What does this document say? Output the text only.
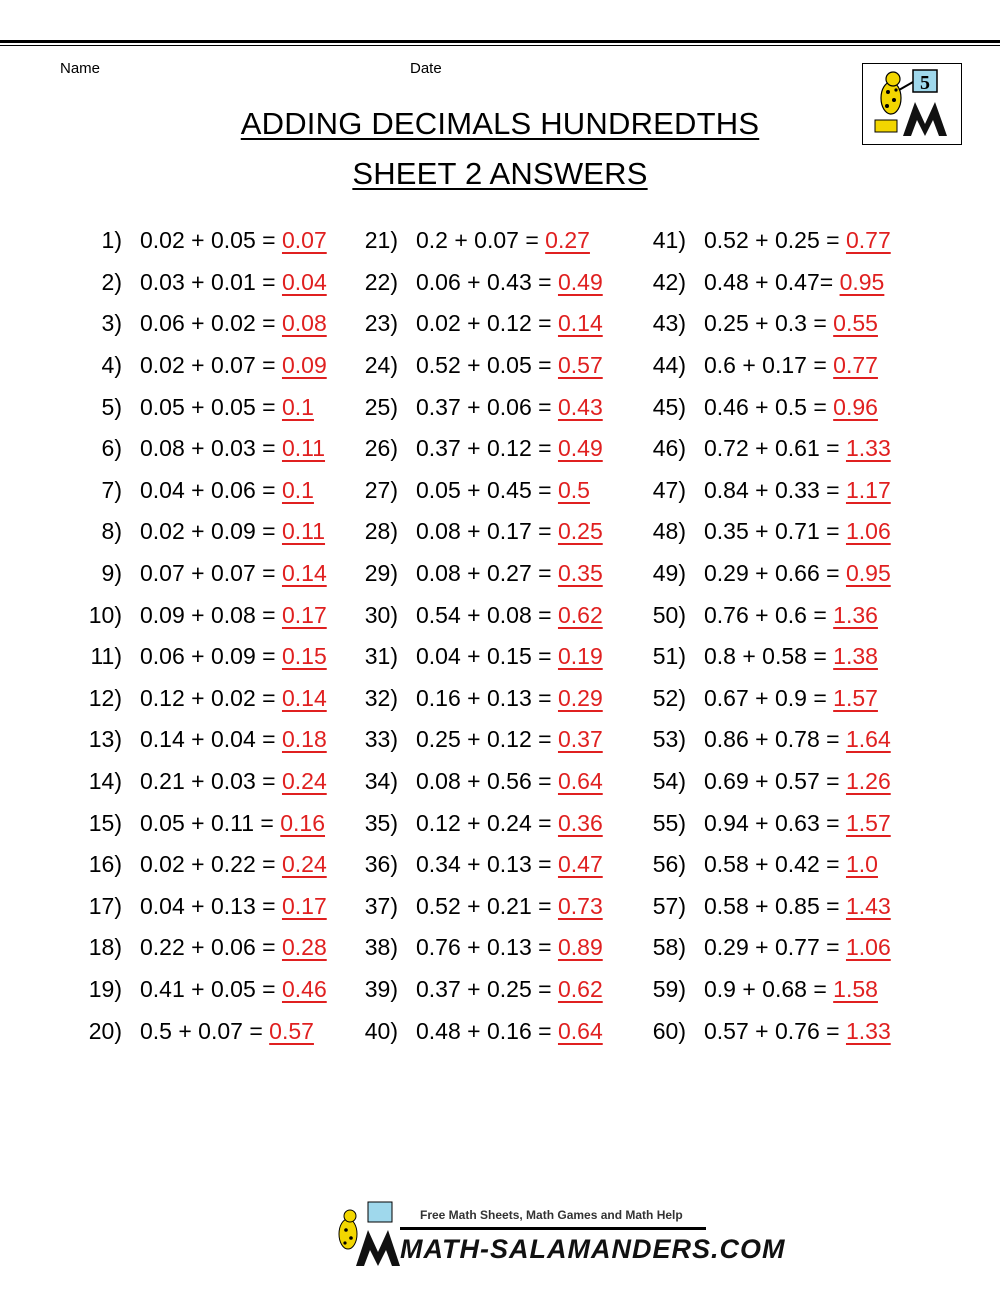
Name	Date
5
ADDING DECIMALS HUNDREDTHS
SHEET 2 ANSWERS
1) 0.02 + 0.05 =
0.07
2) 0.03 + 0.01 =
0.04
3) 0.06 + 0.02 =
0.08
4) 0.02 + 0.07 =
0.09
5) 0.05 + 0.05 =
0.1
6) 0.08 + 0.03 =
0.11
7) 0.04 + 0.06 =
0.1
8) 0.02 + 0.09 =
0.11
9) 0.07 + 0.07 =
0.14
10) 0.09 + 0.08 =
0.17
11) 0.06 + 0.09 =
0.15
12) 0.12 + 0.02 =
0.14
13) 0.14 + 0.04 =
0.18
14) 0.21 + 0.03 =
0.24
15) 0.05 + 0.11 =
0.16
16) 0.02 + 0.22 =
0.24
17) 0.04 + 0.13 =
0.17
18) 0.22 + 0.06 =
0.28
19) 0.41 + 0.05 =
0.46
20) 0.5 + 0.07 =
0.57
21) 0.2 + 0.07 =
0.27
22) 0.06 + 0.43 =
0.49
23) 0.02 + 0.12 =
0.14
24) 0.52 + 0.05 =
0.57
25) 0.37 + 0.06 =
0.43
26) 0.37 + 0.12 =
0.49
27) 0.05 + 0.45 =
0.5
28) 0.08 + 0.17 =
0.25
29) 0.08 + 0.27 =
0.35
30) 0.54 + 0.08 =
0.62
31) 0.04 + 0.15 =
0.19
32) 0.16 + 0.13 =
0.29
33) 0.25 + 0.12 =
0.37
34) 0.08 + 0.56 =
0.64
35) 0.12 + 0.24 =
0.36
36) 0.34 + 0.13 =
0.47
37) 0.52 + 0.21 =
0.73
38) 0.76 + 0.13 =
0.89
39) 0.37 + 0.25 =
0.62
40) 0.48 + 0.16 =
0.64
41) 0.52 + 0.25 =
0.77
42) 0.48 + 0.47=
0.95
43) 0.25 + 0.3 =
0.55
44) 0.6 + 0.17 =
0.77
45) 0.46 + 0.5 =
0.96
46) 0.72 + 0.61 =
1.33
47) 0.84 + 0.33 =
1.17
48) 0.35 + 0.71 =
1.06
49) 0.29 + 0.66 =
0.95
50) 0.76 + 0.6 =
1.36
51) 0.8 + 0.58 =
1.38
52) 0.67 + 0.9 =
1.57
53) 0.86 + 0.78 =
1.64
54) 0.69 + 0.57 =
1.26
55) 0.94 + 0.63 =
1.57
56) 0.58 + 0.42 =
1.0
57) 0.58 + 0.85 =
1.43
58) 0.29 + 0.77 =
1.06
59) 0.9 + 0.68 =
1.58
60) 0.57 + 0.76 =
1.33
Free Math Sheets, Math Games and Math Help
MATH-SALAMANDERS.COM
